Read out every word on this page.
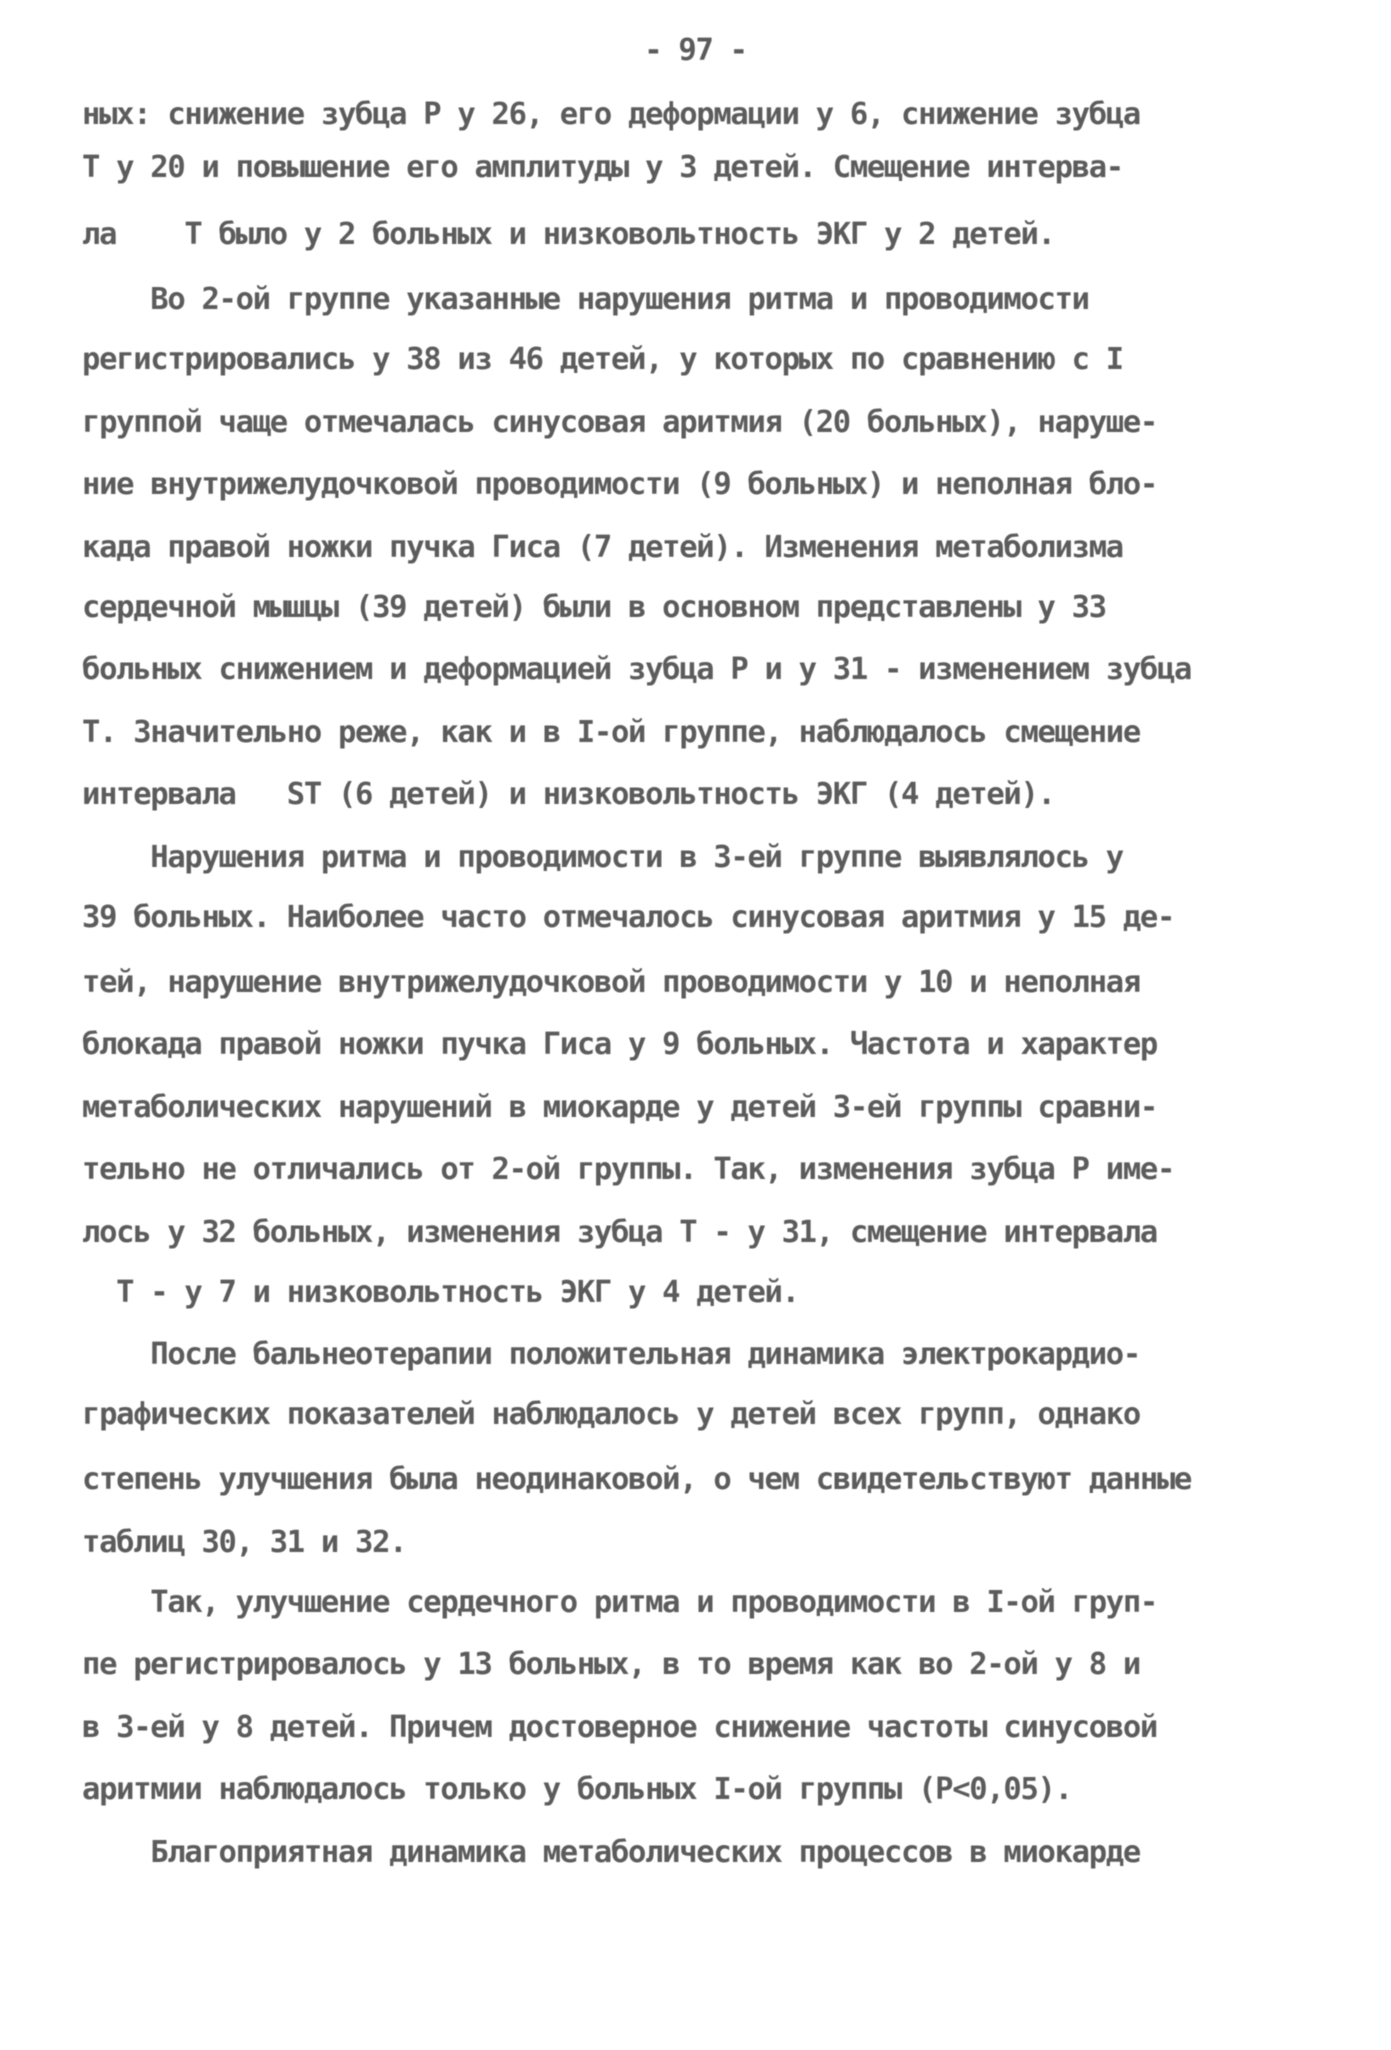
- 97 -
ных: снижение зубца Р у 26, его деформации у 6, снижение зубца
Т у 20 и повышение его амплитуды у 3 детей. Смещение интерва-
ла    Т было у 2 больных и низковольтность ЭКГ у 2 детей.
Во 2-ой группе указанные нарушения ритма и проводимости
регистрировались у 38 из 46 детей, у которых по сравнению с I
группой чаще отмечалась синусовая аритмия (20 больных), наруше-
ние внутрижелудочковой проводимости (9 больных) и неполная бло-
када правой ножки пучка Гиса (7 детей). Изменения метаболизма
сердечной мышцы (39 детей) были в основном представлены у 33
больных снижением и деформацией зубца Р и у 31 - изменением зубца
Т. Значительно реже, как и в I-ой группе, наблюдалось смещение
интервала   ST (6 детей) и низковольтность ЭКГ (4 детей).
Нарушения ритма и проводимости в 3-ей группе выявлялось у
39 больных. Наиболее часто отмечалось синусовая аритмия у 15 де-
тей, нарушение внутрижелудочковой проводимости у 10 и неполная
блокада правой ножки пучка Гиса у 9 больных. Частота и характер
метаболических нарушений в миокарде у детей 3-ей группы сравни-
тельно не отличались от 2-ой группы. Так, изменения зубца Р име-
лось у 32 больных, изменения зубца Т - у 31, смещение интервала
Т - у 7 и низковольтность ЭКГ у 4 детей.
После бальнеотерапии положительная динамика электрокардио-
графических показателей наблюдалось у детей всех групп, однако
степень улучшения была неодинаковой, о чем свидетельствуют данные
таблиц 30, 31 и 32.
Так, улучшение сердечного ритма и проводимости в I-ой груп-
пе регистрировалось у 13 больных, в то время как во 2-ой у 8 и
в 3-ей у 8 детей. Причем достоверное снижение частоты синусовой
аритмии наблюдалось только у больных I-ой группы (Р<0,05).
Благоприятная динамика метаболических процессов в миокарде
